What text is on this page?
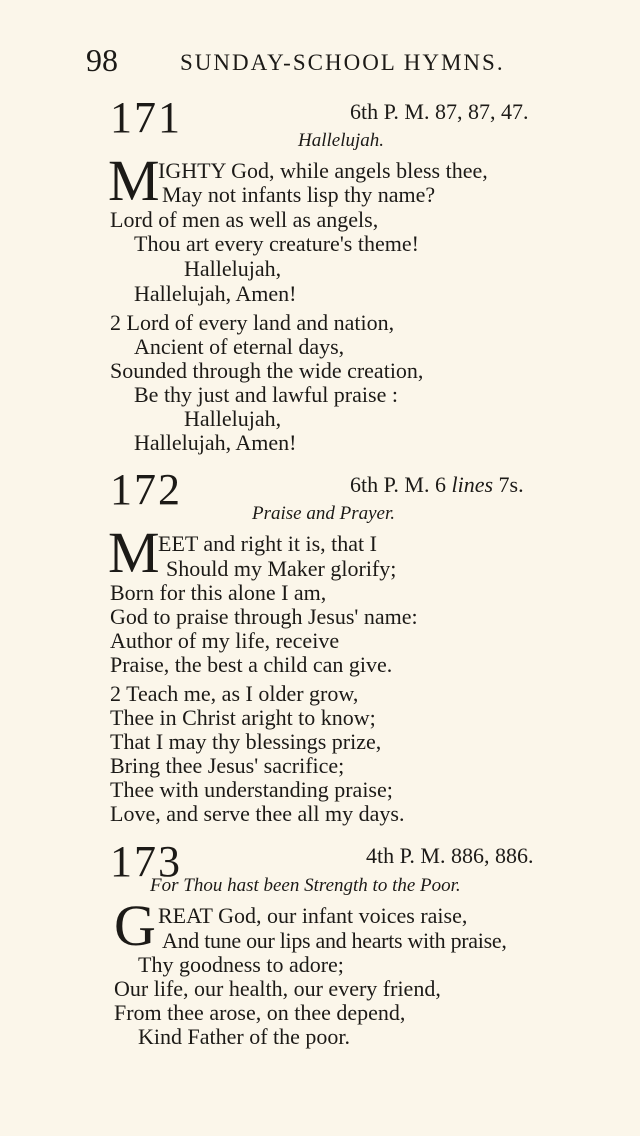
98	SUNDAY-SCHOOL HYMNS.
171	6th P. M. 87, 87, 47.
Hallelujah.
M
IGHTY God, while angels bless thee,
May not infants lisp thy name?
Lord of men as well as angels,
Thou art every creature's theme!
Hallelujah,
Hallelujah, Amen!
2 Lord of every land and nation,
Ancient of eternal days,
Sounded through the wide creation,
Be thy just and lawful praise :
Hallelujah,
Hallelujah, Amen!
172	6th P. M. 6 lines 7s.
Praise and Prayer.
M
EET and right it is, that I
Should my Maker glorify;
Born for this alone I am,
God to praise through Jesus' name:
Author of my life, receive
Praise, the best a child can give.
2 Teach me, as I older grow,
Thee in Christ aright to know;
That I may thy blessings prize,
Bring thee Jesus' sacrifice;
Thee with understanding praise;
Love, and serve thee all my days.
173	4th P. M. 886, 886.
For Thou hast been Strength to the Poor.
G REAT God, our infant voices raise,
And tune our lips and hearts with praise,
Thy goodness to adore;
Our life, our health, our every friend,
From thee arose, on thee depend,
Kind Father of the poor.
